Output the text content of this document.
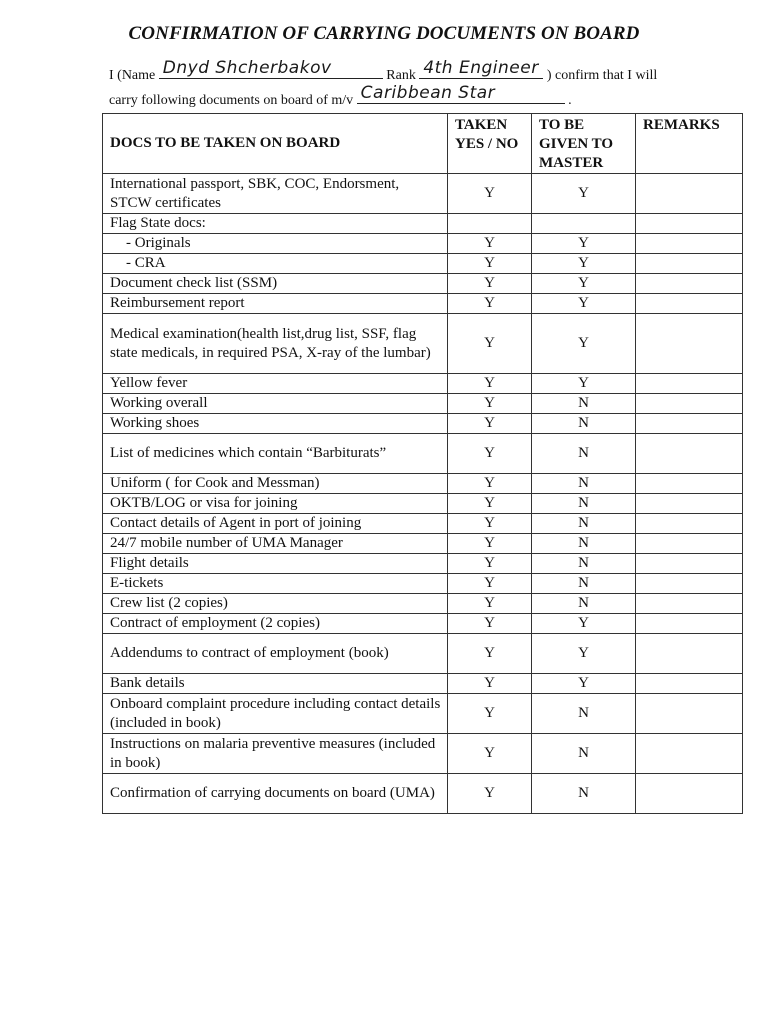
CONFIRMATION OF CARRYING DOCUMENTS ON BOARD
I (Name Dnyd Shcherbakov	Rank 4th Engineer ) confirm that I will
carry following documents on board of m/v Caribbean Star	.
DOCS TO BE TAKEN ON BOARD	TAKEN YES / NO	TO BE GIVEN TO MASTER	REMARKS
International passport, SBK, COC, Endorsment, STCW certificates	Y	Y	
Flag State docs:			
- Originals	Y	Y	
- CRA	Y	Y	
Document check list (SSM)	Y	Y	
Reimbursement report	Y	Y	
Medical examination(health list,drug list, SSF, flag state medicals, in required PSA, X-ray of the lumbar)	Y	Y	
Yellow fever	Y	Y	
Working overall	Y	N	
Working shoes	Y	N	
List of medicines which contain “Barbiturats”	Y	N	
Uniform ( for Cook and Messman)	Y	N	
OKTB/LOG or visa for joining	Y	N	
Contact details of Agent in port of joining	Y	N	
24/7 mobile number of UMA Manager	Y	N	
Flight details	Y	N	
E-tickets	Y	N	
Crew list (2 copies)	Y	N	
Contract of employment (2 copies)	Y	Y	
Addendums to contract of employment (book)	Y	Y	
Bank details	Y	Y	
Onboard complaint procedure including contact details (included in book)	Y	N	
Instructions on malaria preventive measures (included in book)	Y	N	
Confirmation of carrying documents on board (UMA)	Y	N	
